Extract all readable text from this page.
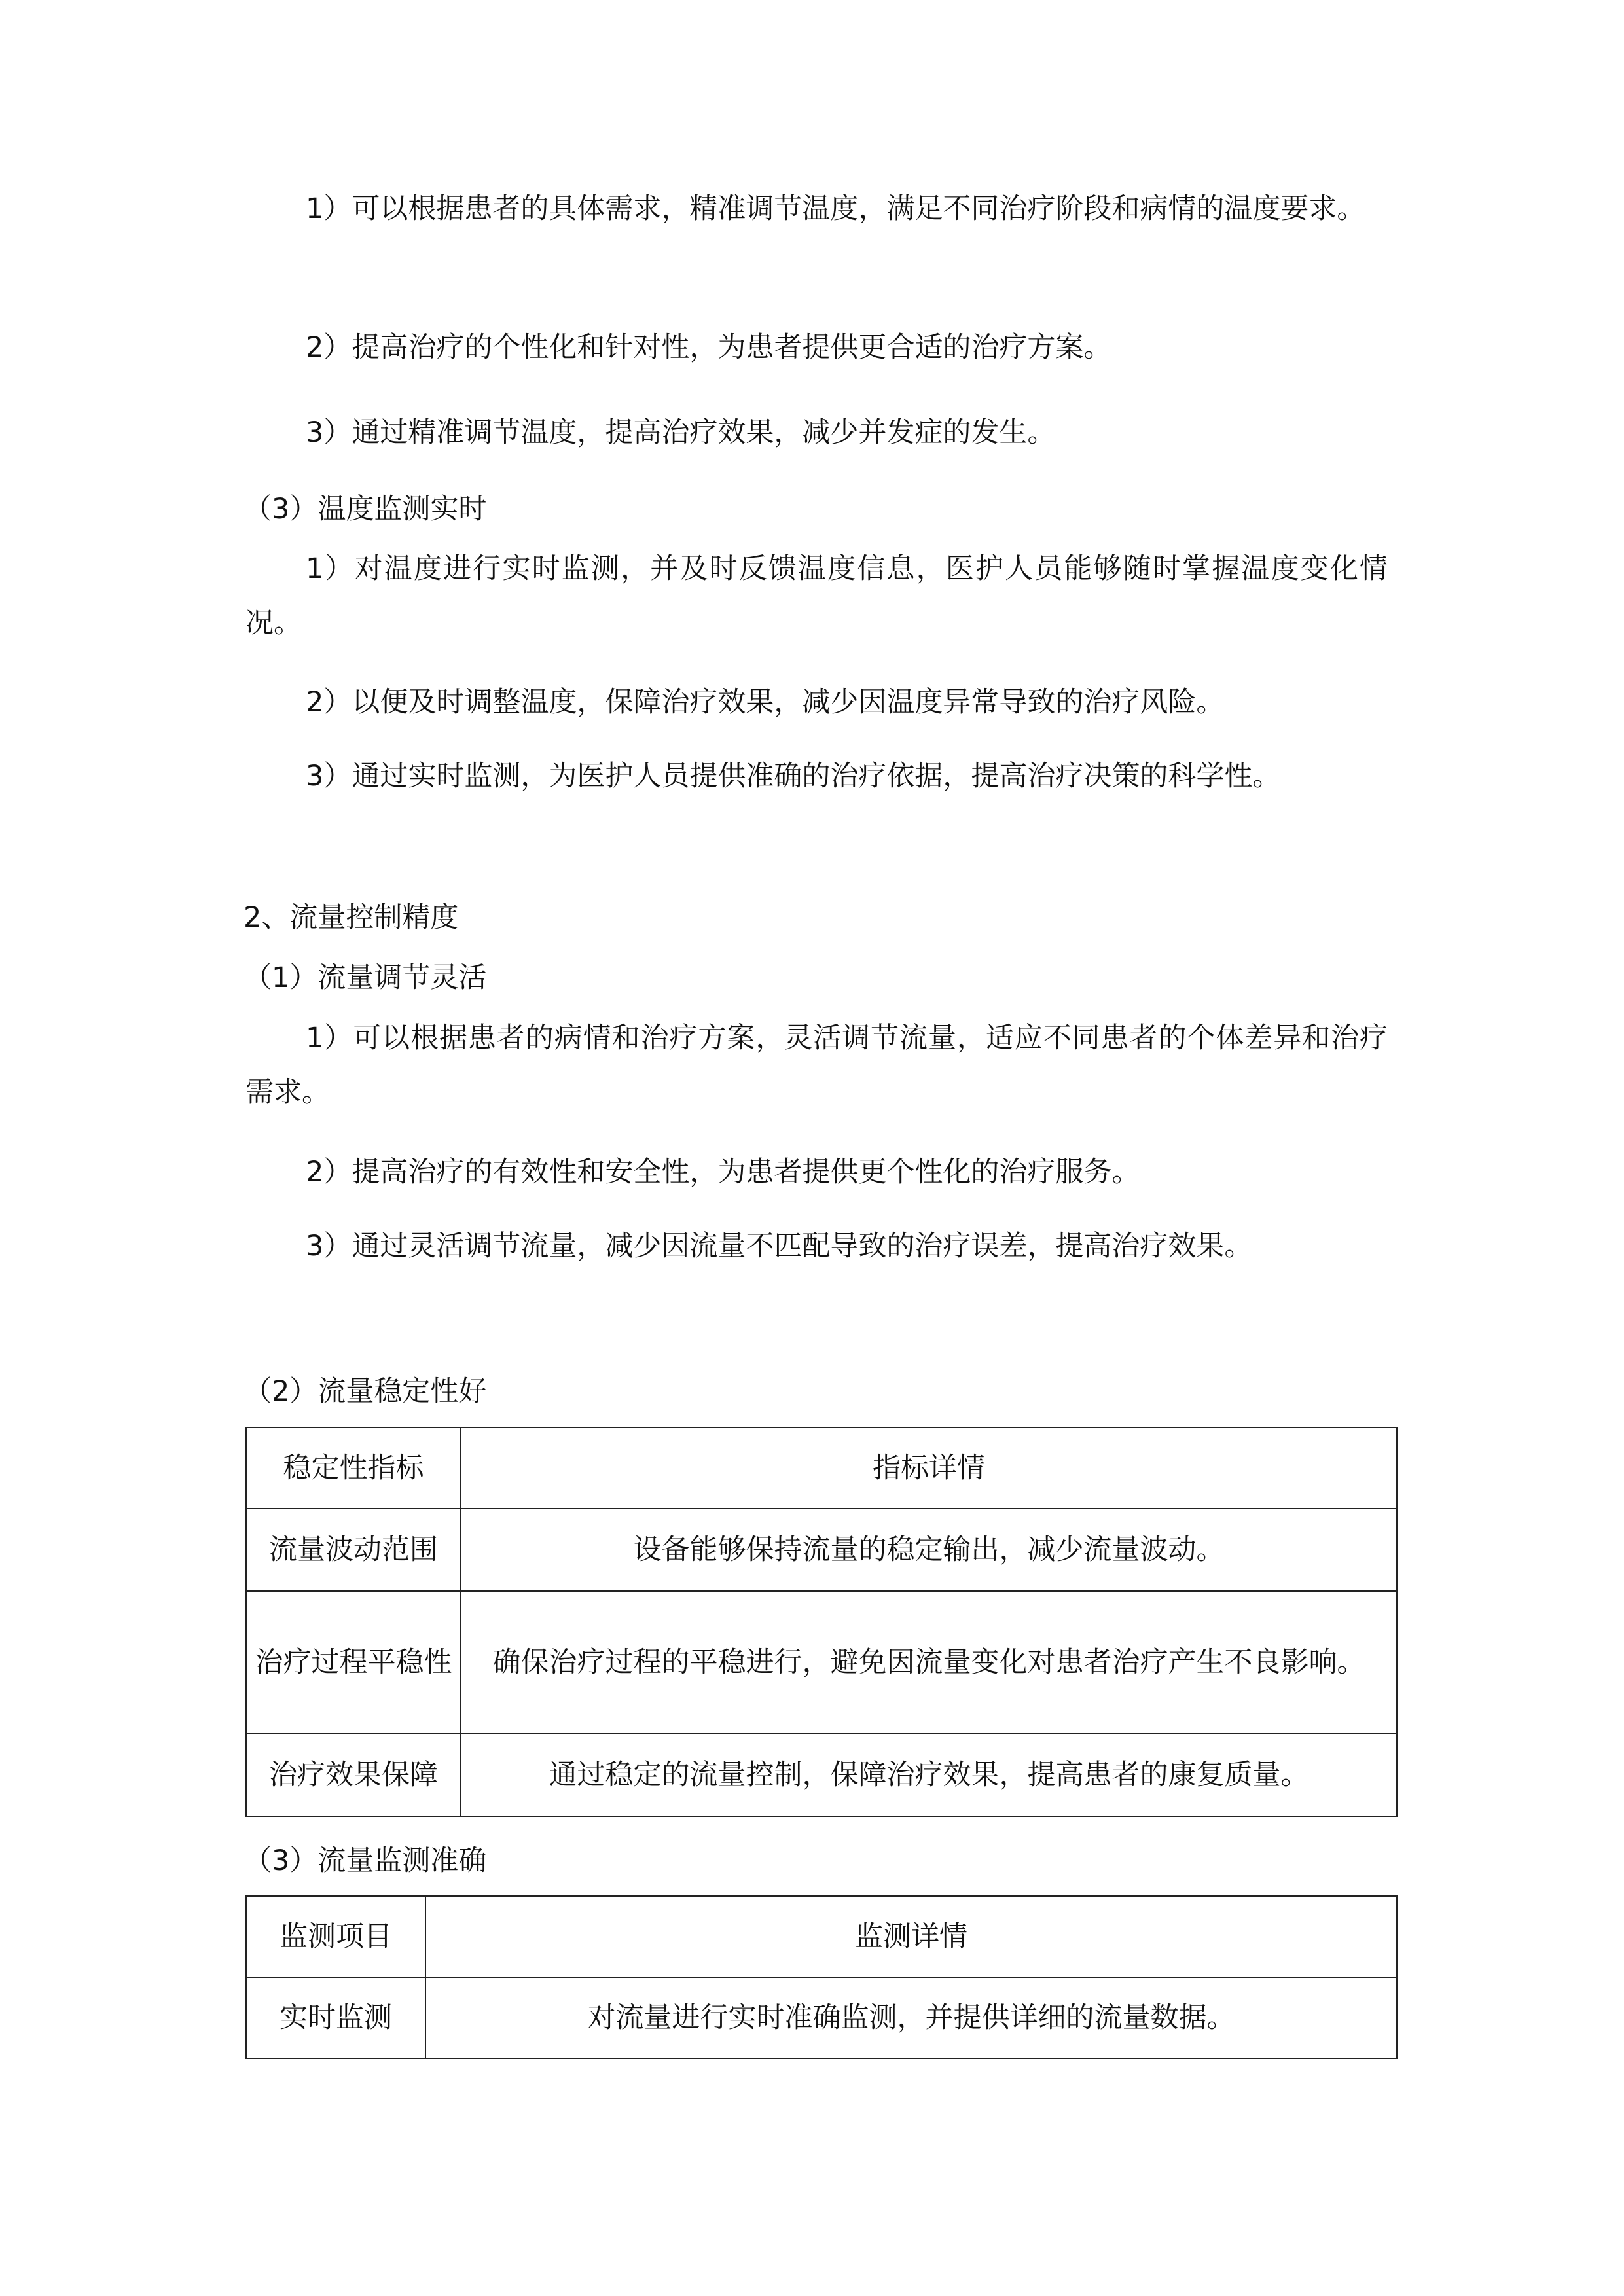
1）可以根据患者的具体需求，精准调节温度，满足不同治疗阶段和病情的温度要求。

2）提高治疗的个性化和针对性，为患者提供更合适的治疗方案。

3）通过精准调节温度，提高治疗效果，减少并发症的发生。

（3）温度监测实时

1）对温度进行实时监测，并及时反馈温度信息，医护人员能够随时掌握温度变化情况。

2）以便及时调整温度，保障治疗效果，减少因温度异常导致的治疗风险。

3）通过实时监测，为医护人员提供准确的治疗依据，提高治疗决策的科学性。

2、流量控制精度
（1）流量调节灵活

1）可以根据患者的病情和治疗方案，灵活调节流量，适应不同患者的个体差异和治疗需求。

2）提高治疗的有效性和安全性，为患者提供更个性化的治疗服务。

3）通过灵活调节流量，减少因流量不匹配导致的治疗误差，提高治疗效果。

（2）流量稳定性好
稳定性指标	指标详情
流量波动范围	设备能够保持流量的稳定输出，减少流量波动。
治疗过程平稳性	确保治疗过程的平稳进行，避免因流量变化对患者治疗产生不良影响。
治疗效果保障	通过稳定的流量控制，保障治疗效果，提高患者的康复质量。
（3）流量监测准确
监测项目	监测详情
实时监测	对流量进行实时准确监测，并提供详细的流量数据。
